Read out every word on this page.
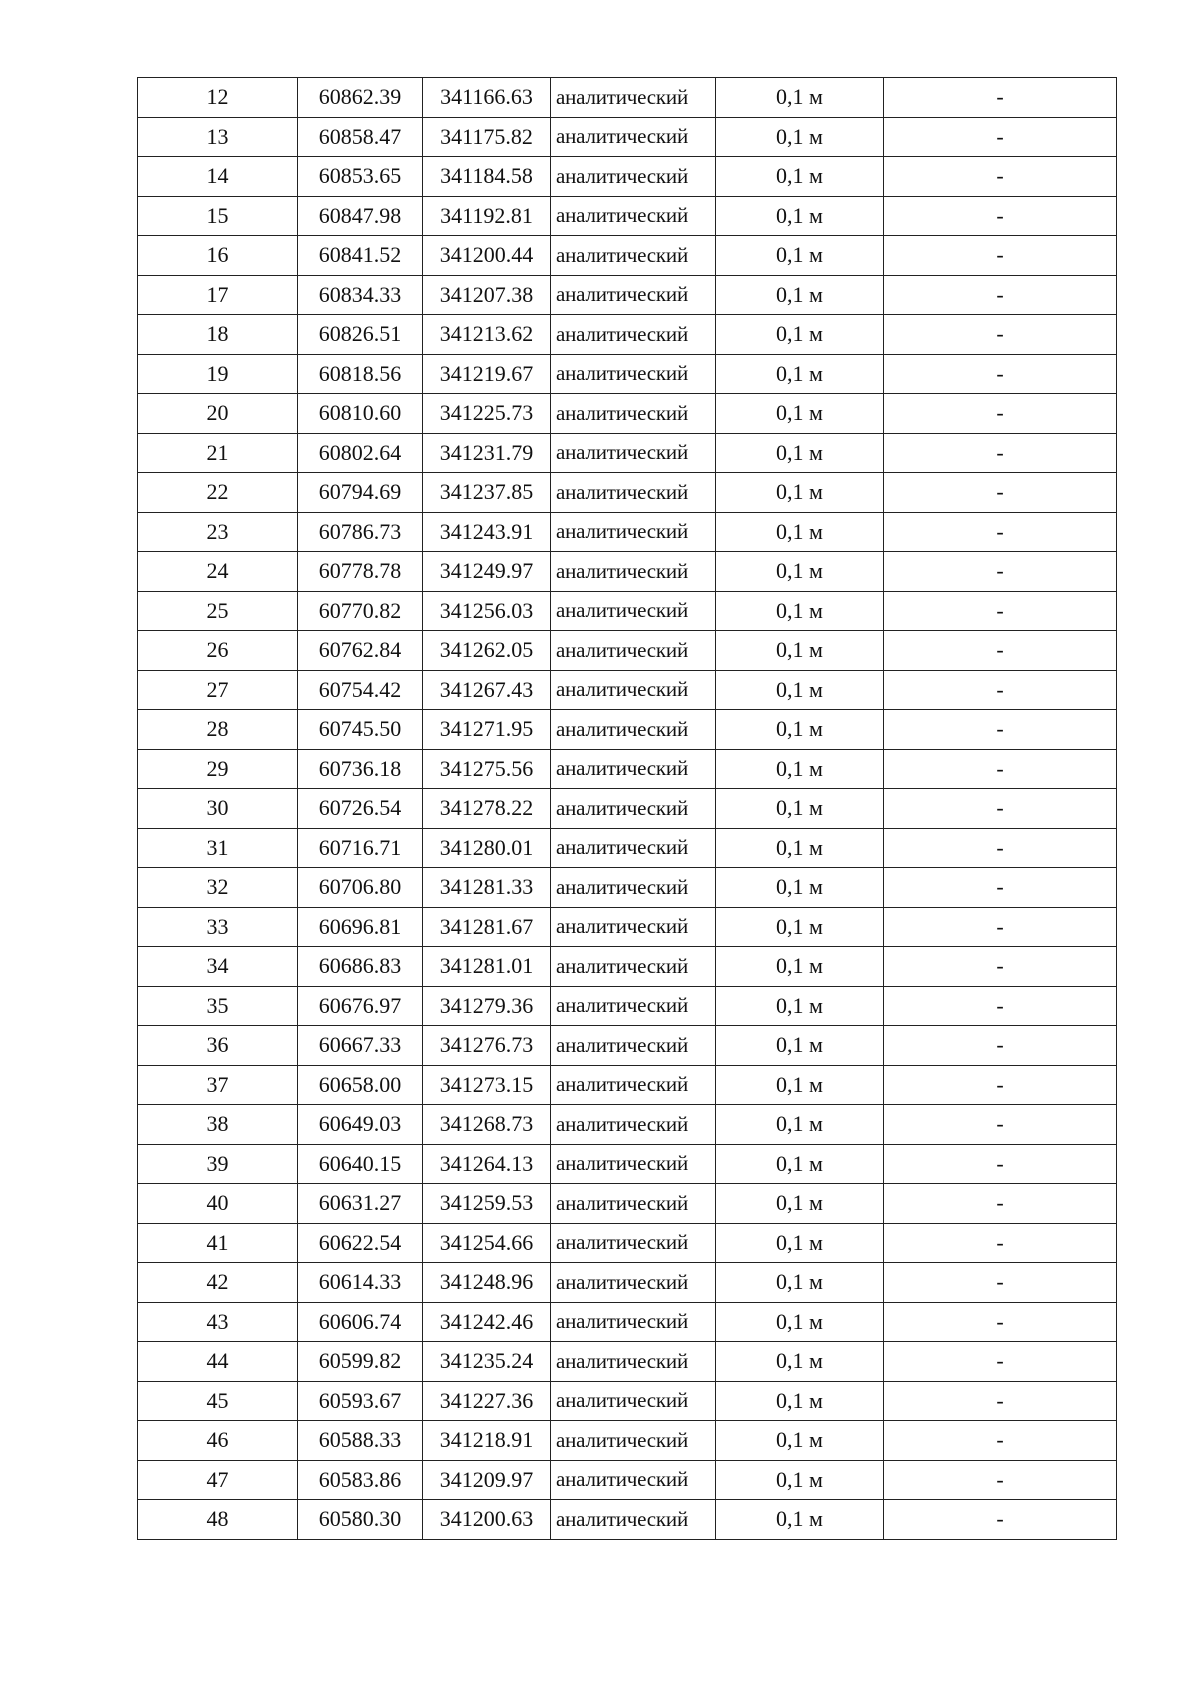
12	60862.39	341166.63	аналитический	0,1 м	-
13	60858.47	341175.82	аналитический	0,1 м	-
14	60853.65	341184.58	аналитический	0,1 м	-
15	60847.98	341192.81	аналитический	0,1 м	-
16	60841.52	341200.44	аналитический	0,1 м	-
17	60834.33	341207.38	аналитический	0,1 м	-
18	60826.51	341213.62	аналитический	0,1 м	-
19	60818.56	341219.67	аналитический	0,1 м	-
20	60810.60	341225.73	аналитический	0,1 м	-
21	60802.64	341231.79	аналитический	0,1 м	-
22	60794.69	341237.85	аналитический	0,1 м	-
23	60786.73	341243.91	аналитический	0,1 м	-
24	60778.78	341249.97	аналитический	0,1 м	-
25	60770.82	341256.03	аналитический	0,1 м	-
26	60762.84	341262.05	аналитический	0,1 м	-
27	60754.42	341267.43	аналитический	0,1 м	-
28	60745.50	341271.95	аналитический	0,1 м	-
29	60736.18	341275.56	аналитический	0,1 м	-
30	60726.54	341278.22	аналитический	0,1 м	-
31	60716.71	341280.01	аналитический	0,1 м	-
32	60706.80	341281.33	аналитический	0,1 м	-
33	60696.81	341281.67	аналитический	0,1 м	-
34	60686.83	341281.01	аналитический	0,1 м	-
35	60676.97	341279.36	аналитический	0,1 м	-
36	60667.33	341276.73	аналитический	0,1 м	-
37	60658.00	341273.15	аналитический	0,1 м	-
38	60649.03	341268.73	аналитический	0,1 м	-
39	60640.15	341264.13	аналитический	0,1 м	-
40	60631.27	341259.53	аналитический	0,1 м	-
41	60622.54	341254.66	аналитический	0,1 м	-
42	60614.33	341248.96	аналитический	0,1 м	-
43	60606.74	341242.46	аналитический	0,1 м	-
44	60599.82	341235.24	аналитический	0,1 м	-
45	60593.67	341227.36	аналитический	0,1 м	-
46	60588.33	341218.91	аналитический	0,1 м	-
47	60583.86	341209.97	аналитический	0,1 м	-
48	60580.30	341200.63	аналитический	0,1 м	-
